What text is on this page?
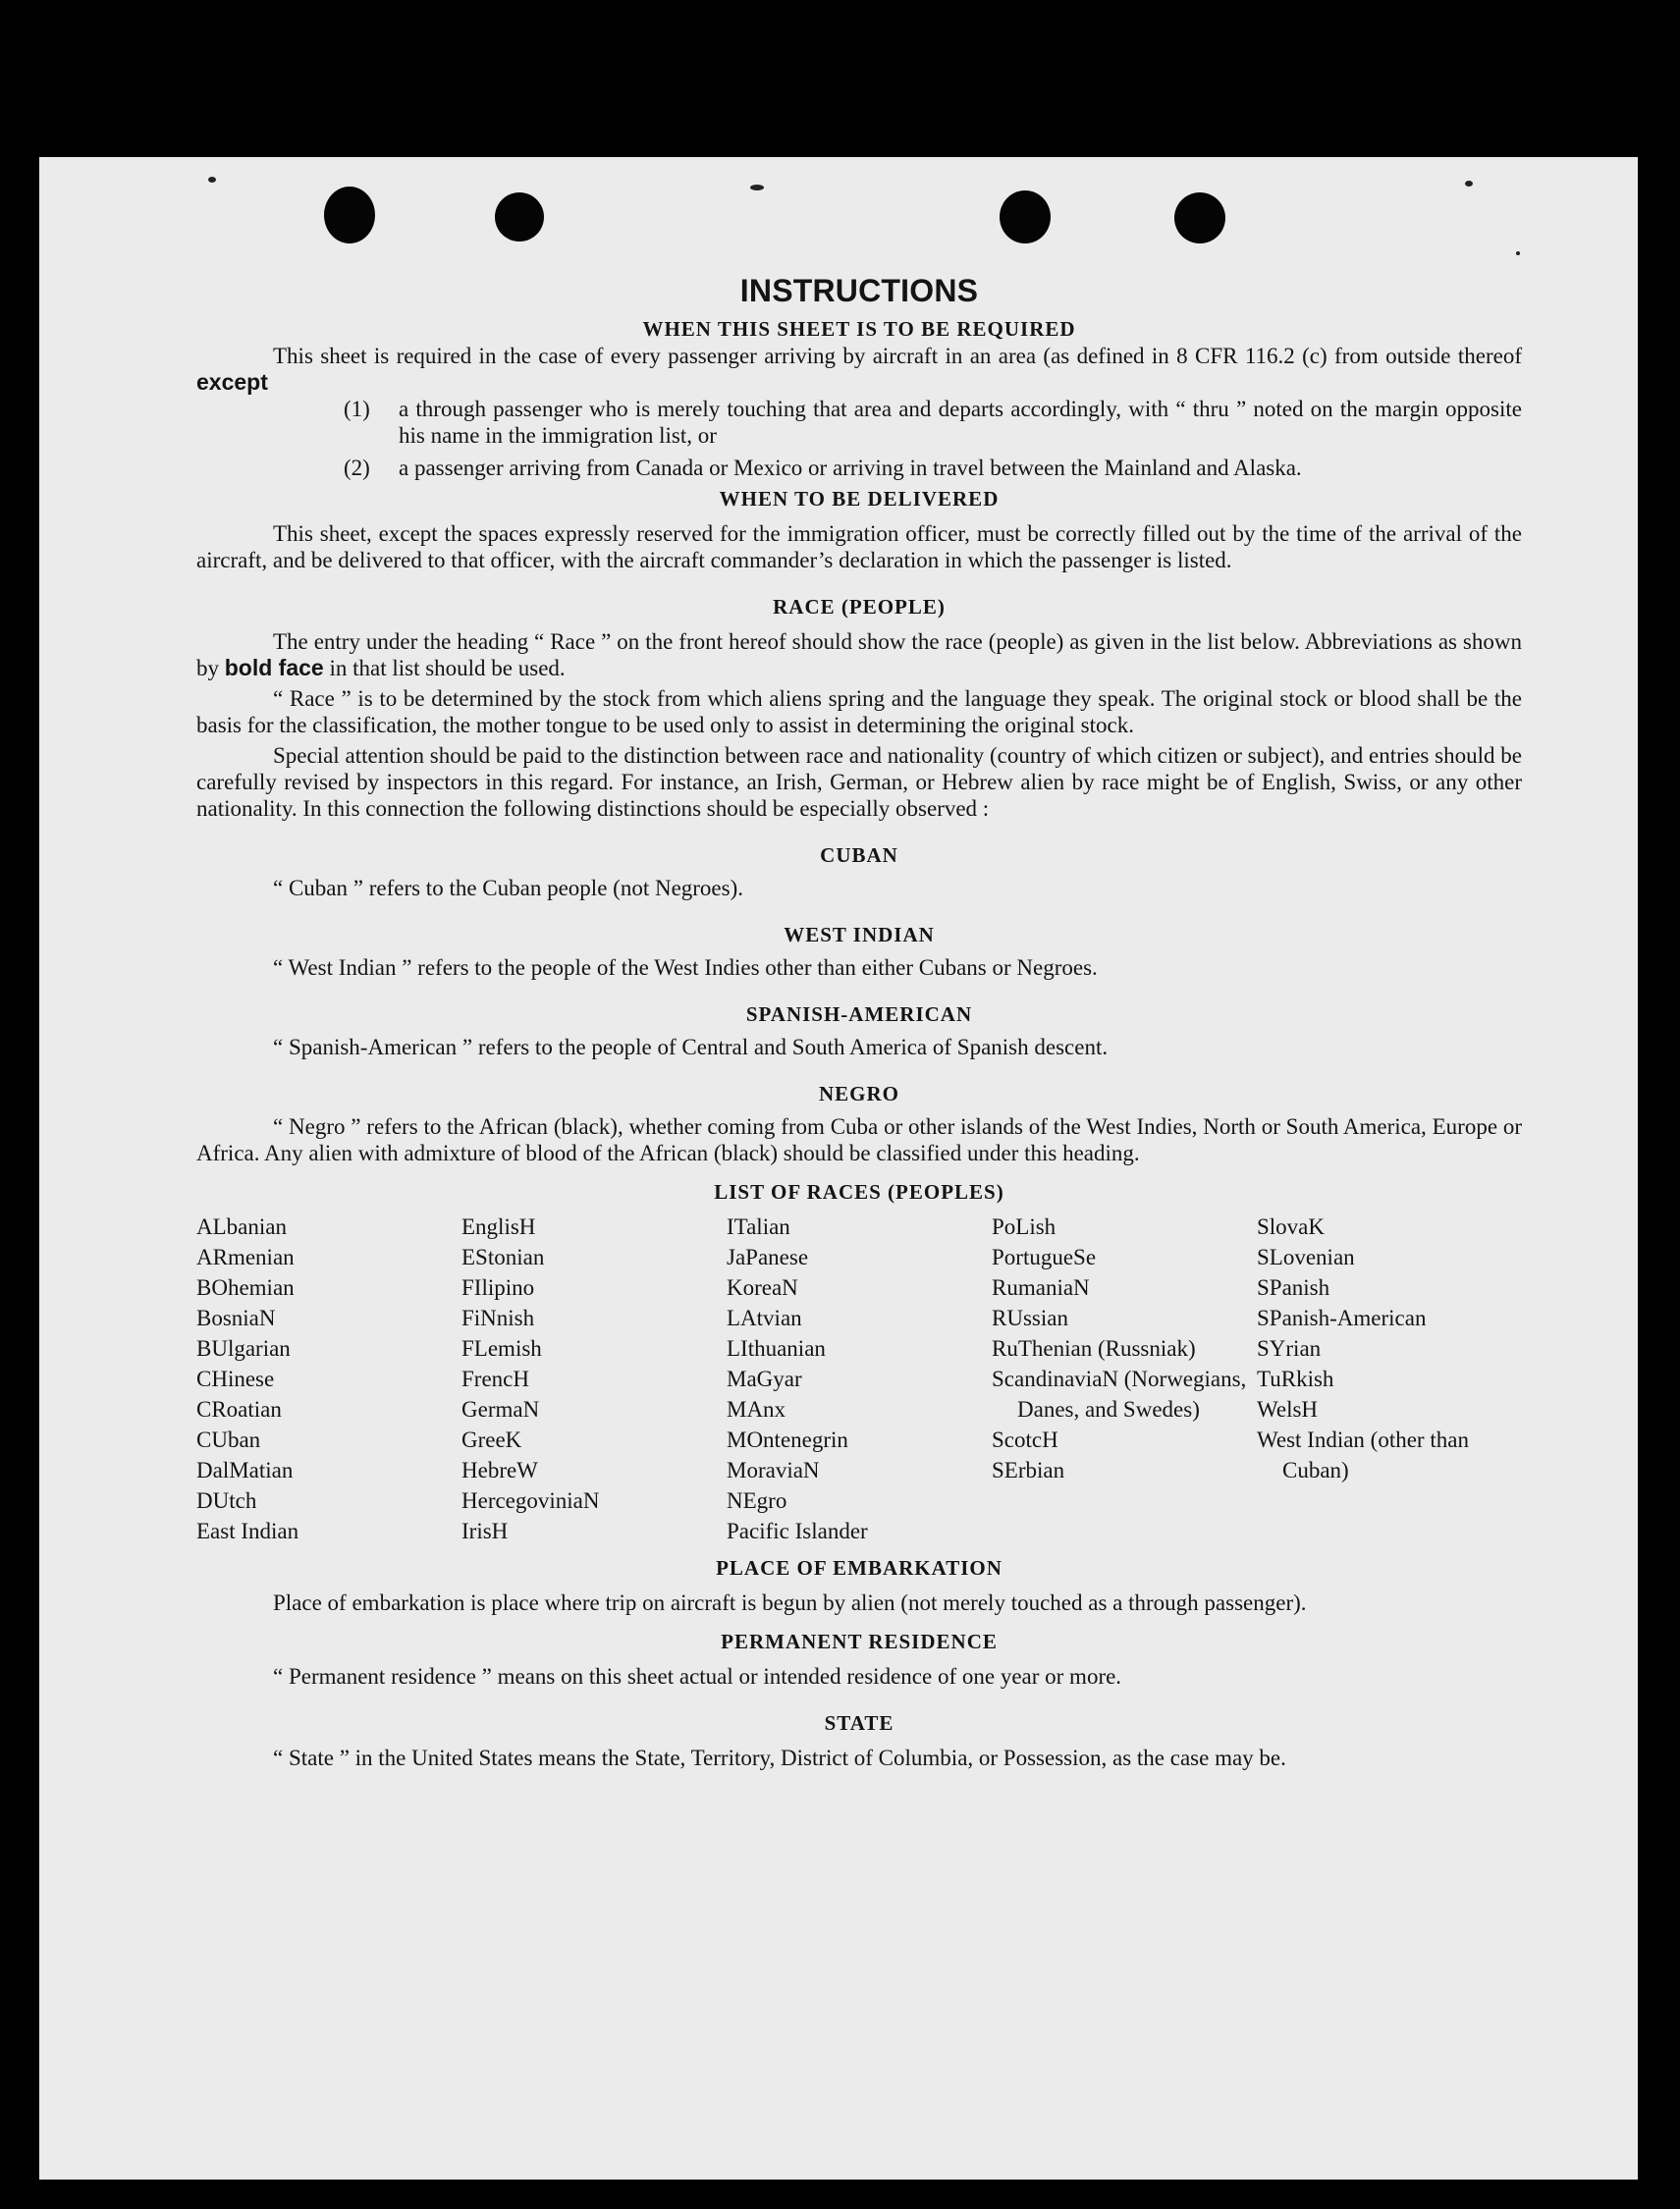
INSTRUCTIONS
WHEN THIS SHEET IS TO BE REQUIRED

This sheet is required in the case of every passenger arriving by aircraft in an area (as defined in 8 CFR 116.2 (c) from outside thereof except

(1)	a through passenger who is merely touching that area and departs accordingly, with “ thru ” noted on the margin opposite his name in the immigration list, or
(2)	a passenger arriving from Canada or Mexico or arriving in travel between the Mainland and Alaska.
WHEN TO BE DELIVERED

This sheet, except the spaces expressly reserved for the immigration officer, must be correctly filled out by the time of the arrival of the aircraft, and be delivered to that officer, with the aircraft commander’s declaration in which the passenger is listed.

RACE (PEOPLE)

The entry under the heading “ Race ” on the front hereof should show the race (people) as given in the list below. Abbreviations as shown by bold face in that list should be used.

“ Race ” is to be determined by the stock from which aliens spring and the language they speak. The original stock or blood shall be the basis for the classification, the mother tongue to be used only to assist in determining the original stock.

Special attention should be paid to the distinction between race and nationality (country of which citizen or subject), and entries should be carefully revised by inspectors in this regard. For instance, an Irish, German, or Hebrew alien by race might be of English, Swiss, or any other nationality. In this connection the following distinctions should be especially observed :

CUBAN

“ Cuban ” refers to the Cuban people (not Negroes).

WEST INDIAN

“ West Indian ” refers to the people of the West Indies other than either Cubans or Negroes.

SPANISH-AMERICAN

“ Spanish-American ” refers to the people of Central and South America of Spanish descent.

NEGRO

“ Negro ” refers to the African (black), whether coming from Cuba or other islands of the West Indies, North or South America, Europe or Africa. Any alien with admixture of blood of the African (black) should be classified under this heading.

LIST OF RACES (PEOPLES)
ALbanian
ARmenian
BOhemian
BosniaN
BUlgarian
CHinese
CRoatian
CUban
DalMatian
DUtch
East Indian
EnglisH
EStonian
FIlipino
FiNnish
FLemish
FrencH
GermaN
GreeK
HebreW
HercegoviniaN
IrisH
ITalian
JaPanese
KoreaN
LAtvian
LIthuanian
MaGyar
MAnx
MOntenegrin
MoraviaN
NEgro
Pacific Islander
PoLish
PortugueSe
RumaniaN
RUssian
RuThenian (Russniak)
ScandinaviaN (Norwegians, Danes, and Swedes)
ScotcH
SErbian
SlovaK
SLovenian
SPanish
SPanish-American
SYrian
TuRkish
WelsH
West Indian (other than Cuban)
PLACE OF EMBARKATION

Place of embarkation is place where trip on aircraft is begun by alien (not merely touched as a through passenger).

PERMANENT RESIDENCE

“ Permanent residence ” means on this sheet actual or intended residence of one year or more.

STATE

“ State ” in the United States means the State, Territory, District of Columbia, or Possession, as the case may be.
